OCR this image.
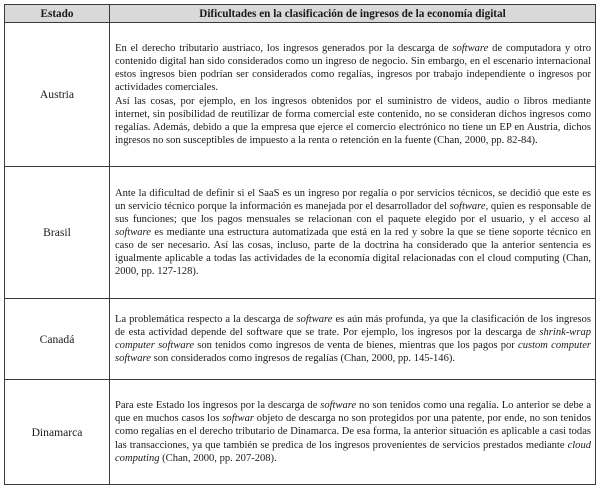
Estado	Dificultades en la clasificación de ingresos de la economía digital
Austria	En el derecho tributario austriaco, los ingresos generados por la descarga de software de computadora y otro contenido digital han sido considerados como un ingreso de negocio. Sin embargo, en el escenario internacional estos ingresos bien podrían ser considerados como regalías, ingresos por trabajo independiente o ingresos por actividades comerciales.

Así las cosas, por ejemplo, en los ingresos obtenidos por el suministro de videos, audio o libros mediante internet, sin posibilidad de reutilizar de forma comercial este contenido, no se consideran dichos ingresos como regalías. Además, debido a que la empresa que ejerce el comercio electrónico no tiene un EP en Austria, dichos ingresos no son susceptibles de impuesto a la renta o retención en la fuente (Chan, 2000, pp. 82-84).

Brasil	Ante la dificultad de definir si el SaaS es un ingreso por regalía o por servicios técnicos, se decidió que este es un servicio técnico porque la información es manejada por el desarrollador del software, quien es responsable de sus funciones; que los pagos mensuales se relacionan con el paquete elegido por el usuario, y el acceso al software es mediante una estructura automatizada que está en la red y sobre la que se tiene soporte técnico en caso de ser necesario. Así las cosas, incluso, parte de la doctrina ha considerado que la anterior sentencia es igualmente aplicable a todas las actividades de la economía digital relacionadas con el cloud computing (Chan, 2000, pp. 127-128).

Canadá	La problemática respecto a la descarga de software es aún más profunda, ya que la clasificación de los ingresos de esta actividad depende del software que se trate. Por ejemplo, los ingresos por la descarga de shrink-wrap computer software son tenidos como ingresos de venta de bienes, mientras que los pagos por custom computer software son considerados como ingresos de regalías (Chan, 2000, pp. 145-146).

Dinamarca	Para este Estado los ingresos por la descarga de software no son tenidos como una regalía. Lo anterior se debe a que en muchos casos los softwar objeto de descarga no son protegidos por una patente, por ende, no son tenidos como regalías en el derecho tributario de Dinamarca. De esa forma, la anterior situación es aplicable a casi todas las transacciones, ya que también se predica de los ingresos provenientes de servicios prestados mediante cloud computing (Chan, 2000, pp. 207-208).
